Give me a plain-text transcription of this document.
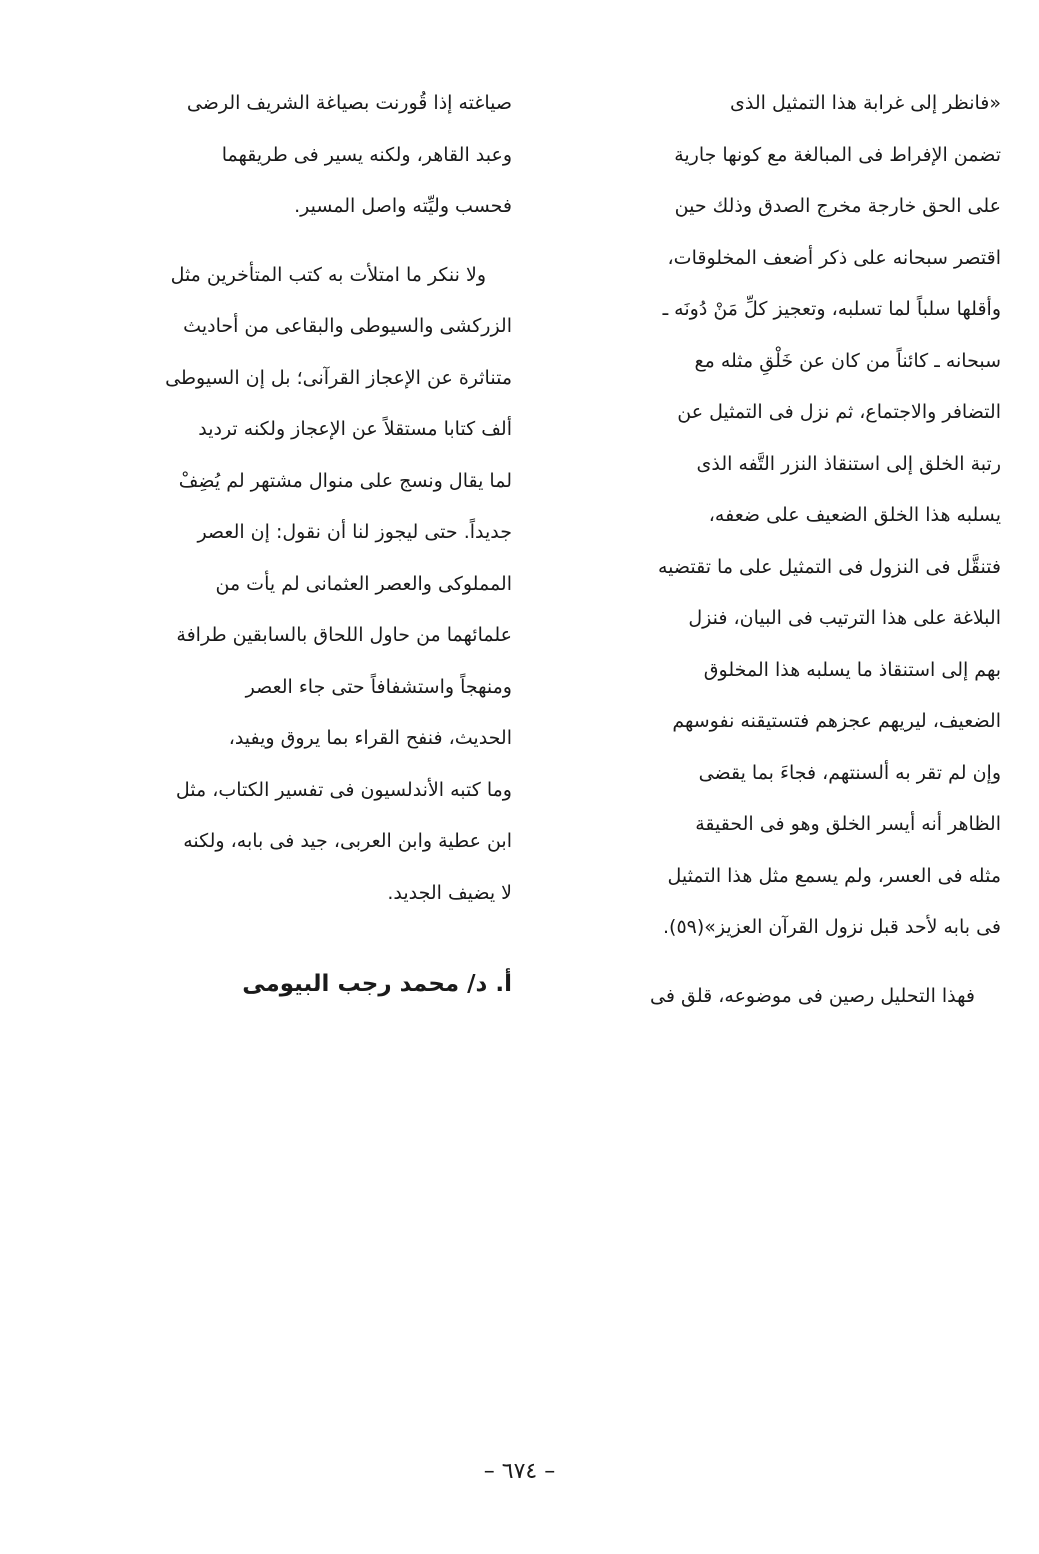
«فانظر إلى غرابة هذا التمثيل الذى
تضمن الإفراط فى المبالغة مع كونها جارية
على الحق خارجة مخرج الصدق وذلك حين
اقتصر سبحانه على ذكر أضعف المخلوقات،
وأقلها سلباً لما تسلبه، وتعجيز كلِّ مَنْ دُونَه ـ
سبحانه ـ كائناً من كان عن خَلْقِ مثله مع
التضافر والاجتماع، ثم نزل فى التمثيل عن
رتبة الخلق إلى استنقاذ النزر التَّفه الذى
يسلبه هذا الخلق الضعيف على ضعفه،
فتنقَّل فى النزول فى التمثيل على ما تقتضيه
البلاغة على هذا الترتيب فى البيان، فنزل
بهم إلى استنقاذ ما يسلبه هذا المخلوق
الضعيف، ليريهم عجزهم فتستيقنه نفوسهم
وإن لم تقر به ألسنتهم، فجاءَ بما يقضى
الظاهر أنه أيسر الخلق وهو فى الحقيقة
مثله فى العسر، ولم يسمع مثل هذا التمثيل
فى بابه لأحد قبل نزول القرآن العزيز»(٥٩).
فهذا التحليل رصين فى موضوعه، قلق فى
صياغته إذا قُورنت بصياغة الشريف الرضى
وعبد القاهر، ولكنه يسير فى طريقهما
فحسب وليِّته واصل المسير.
ولا ننكر ما امتلأت به كتب المتأخرين مثل
الزركشى والسيوطى والبقاعى من أحاديث
متناثرة عن الإعجاز القرآنى؛ بل إن السيوطى
ألف كتابا مستقلاً عن الإعجاز ولكنه ترديد
لما يقال ونسج على منوال مشتهر لم يُضِفْ
جديداً. حتى ليجوز لنا أن نقول: إن العصر
المملوكى والعصر العثمانى لم يأت من
علمائهما من حاول اللحاق بالسابقين طرافة
ومنهجاً واستشفافاً حتى جاء العصر
الحديث، فنفح القراء بما يروق ويفيد،
وما كتبه الأندلسيون فى تفسير الكتاب، مثل
ابن عطية وابن العربى، جيد فى بابه، ولكنه
لا يضيف الجديد.
أ. د/ محمد رجب البيومى
– ٦٧٤ –
